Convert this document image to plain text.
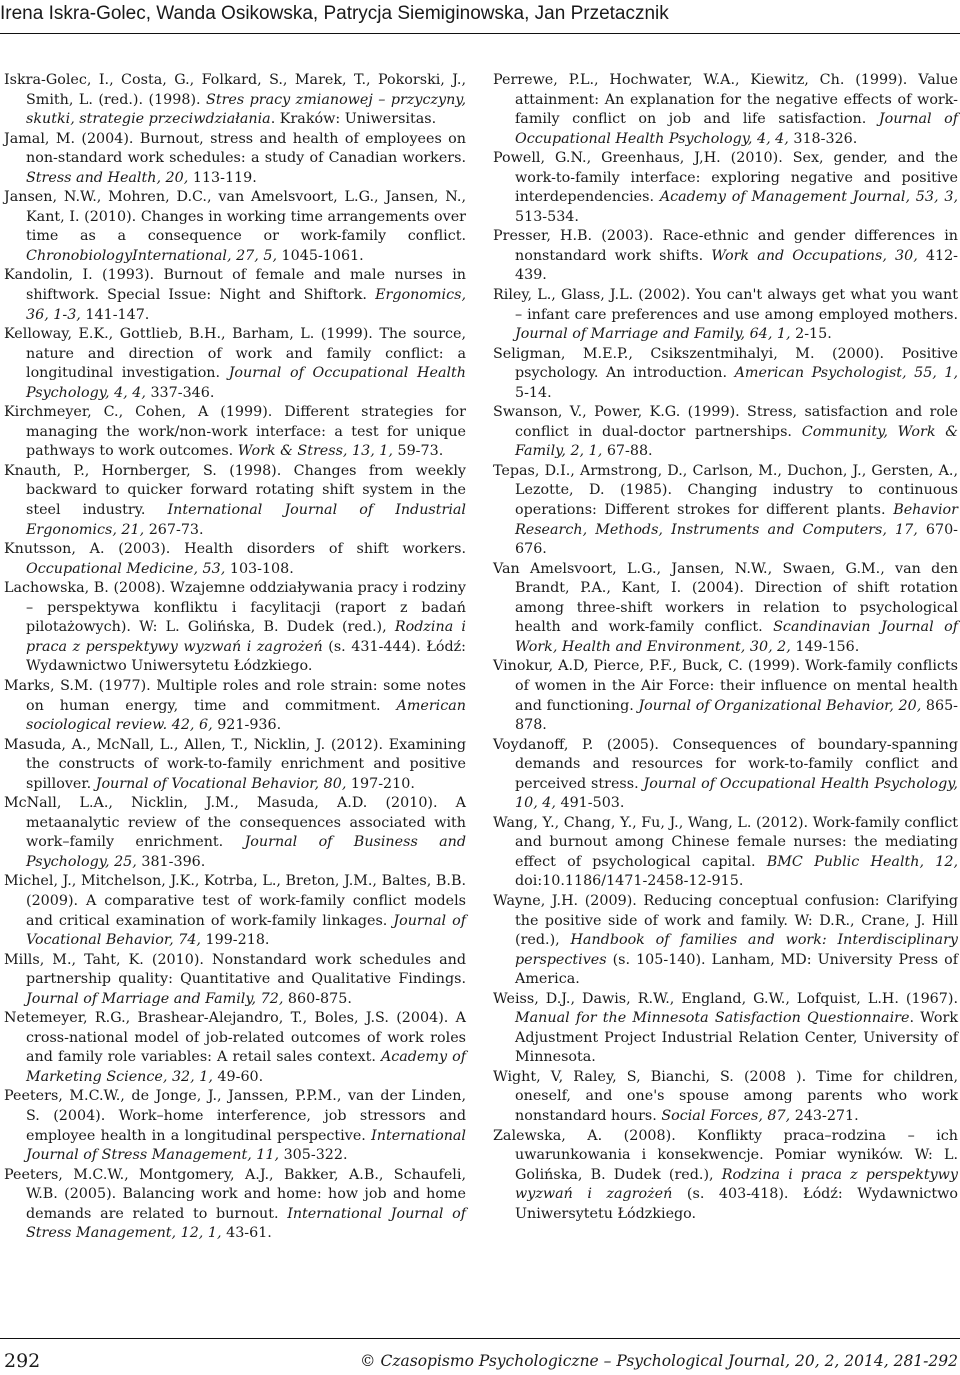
Irena Iskra-Golec, Wanda Osikowska, Patrycja Siemiginowska, Jan Przetacznik

Iskra-Golec, I., Costa, G., Folkard, S., Marek, T., Pokorski, J., Smith, L. (red.). (1998). Stres pracy zmianowej – przyczyny, skutki, strategie przeciwdziałania. Kraków: Uniwersitas.

Jamal, M. (2004). Burnout, stress and health of employees on non-standard work schedules: a study of Canadian workers. Stress and Health, 20, 113-119.

Jansen, N.W., Mohren, D.C., van Amelsvoort, L.G., Jansen, N., Kant, I. (2010). Changes in working time arrangements over time as a consequence or work-family conflict. ChronobiologyInternational, 27, 5, 1045-1061.

Kandolin, I. (1993). Burnout of female and male nurses in shiftwork. Special Issue: Night and Shiftork. Ergonomics, 36, 1-3, 141-147.

Kelloway, E.K., Gottlieb, B.H., Barham, L. (1999). The source, nature and direction of work and family conflict: a longitudinal investigation. Journal of Occupational Health Psychology, 4, 4, 337-346.

Kirchmeyer, C., Cohen, A (1999). Different strategies for managing the work/non-work interface: a test for unique pathways to work outcomes. Work & Stress, 13, 1, 59-73.

Knauth, P., Hornberger, S. (1998). Changes from weekly backward to quicker forward rotating shift system in the steel industry. International Journal of Industrial Ergonomics, 21, 267-73.

Knutsson, A. (2003). Health disorders of shift workers. Occupational Medicine, 53, 103-108.

Lachowska, B. (2008). Wzajemne oddziaływania pracy i rodziny – perspektywa konfliktu i facylitacji (raport z badań pilotażowych). W: L. Golińska, B. Dudek (red.), Rodzina i praca z perspektywy wyzwań i zagrożeń (s. 431-444). Łódź: Wydawnictwo Uniwersytetu Łódzkiego.

Marks, S.M. (1977). Multiple roles and role strain: some notes on human energy, time and commitment. American sociological review. 42, 6, 921-936.

Masuda, A., McNall, L., Allen, T., Nicklin, J. (2012). Examining the constructs of work-to-family enrichment and positive spillover. Journal of Vocational Behavior, 80, 197-210.

McNall, L.A., Nicklin, J.M., Masuda, A.D. (2010). A metaanalytic review of the consequences associated with work–family enrichment. Journal of Business and Psychology, 25, 381-396.

Michel, J., Mitchelson, J.K., Kotrba, L., Breton, J.M., Baltes, B.B. (2009). A comparative test of work-family conflict models and critical examination of work-family linkages. Journal of Vocational Behavior, 74, 199-218.

Mills, M., Taht, K. (2010). Nonstandard work schedules and partnership quality: Quantitative and Qualitative Findings. Journal of Marriage and Family, 72, 860-875.

Netemeyer, R.G., Brashear-Alejandro, T., Boles, J.S. (2004). A cross-national model of job-related outcomes of work roles and family role variables: A retail sales context. Academy of Marketing Science, 32, 1, 49-60.

Peeters, M.C.W., de Jonge, J., Janssen, P.P.M., van der Linden, S. (2004). Work–home interference, job stressors and employee health in a longitudinal perspective. International Journal of Stress Management, 11, 305-322.

Peeters, M.C.W., Montgomery, A.J., Bakker, A.B., Schaufeli, W.B. (2005). Balancing work and home: how job and home demands are related to burnout. International Journal of Stress Management, 12, 1, 43-61.

Perrewe, P.L., Hochwater, W.A., Kiewitz, Ch. (1999). Value attainment: An explanation for the negative effects of work-family conflict on job and life satisfaction. Journal of Occupational Health Psychology, 4, 4, 318-326.

Powell, G.N., Greenhaus, J,H. (2010). Sex, gender, and the work-to-family interface: exploring negative and positive interdependencies. Academy of Management Journal, 53, 3, 513-534.

Presser, H.B. (2003). Race-ethnic and gender differences in nonstandard work shifts. Work and Occupations, 30, 412-439.

Riley, L., Glass, J.L. (2002). You can't always get what you want – infant care preferences and use among employed mothers. Journal of Marriage and Family, 64, 1, 2-15.

Seligman, M.E.P., Csikszentmihalyi, M. (2000). Positive psychology. An introduction. American Psychologist, 55, 1, 5-14.

Swanson, V., Power, K.G. (1999). Stress, satisfaction and role conflict in dual-doctor partnerships. Community, Work & Family, 2, 1, 67-88.

Tepas, D.I., Armstrong, D., Carlson, M., Duchon, J., Gersten, A., Lezotte, D. (1985). Changing industry to continuous operations: Different strokes for different plants. Behavior Research, Methods, Instruments and Computers, 17, 670-676.

Van Amelsvoort, L.G., Jansen, N.W., Swaen, G.M., van den Brandt, P.A., Kant, I. (2004). Direction of shift rotation among three-shift workers in relation to psychological health and work-family conflict. Scandinavian Journal of Work, Health and Environment, 30, 2, 149-156.

Vinokur, A.D, Pierce, P.F., Buck, C. (1999). Work-family conflicts of women in the Air Force: their influence on mental health and functioning. Journal of Organizational Behavior, 20, 865-878.

Voydanoff, P. (2005). Consequences of boundary-spanning demands and resources for work-to-family conflict and perceived stress. Journal of Occupational Health Psychology, 10, 4, 491-503.

Wang, Y., Chang, Y., Fu, J., Wang, L. (2012). Work-family conflict and burnout among Chinese female nurses: the mediating effect of psychological capital. BMC Public Health, 12, doi:10.1186/1471-2458-12-915.

Wayne, J.H. (2009). Reducing conceptual confusion: Clarifying the positive side of work and family. W: D.R., Crane, J. Hill (red.), Handbook of families and work: Interdisciplinary perspectives (s. 105-140). Lanham, MD: University Press of America.

Weiss, D.J., Dawis, R.W., England, G.W., Lofquist, L.H. (1967). Manual for the Minnesota Satisfaction Questionnaire. Work Adjustment Project Industrial Relation Center, University of Minnesota.

Wight, V, Raley, S, Bianchi, S. (2008 ). Time for children, oneself, and one's spouse among parents who work nonstandard hours. Social Forces, 87, 243-271.

Zalewska, A. (2008). Konflikty praca–rodzina – ich uwarunkowania i konsekwencje. Pomiar wyników. W: L. Golińska, B. Dudek (red.), Rodzina i praca z perspektywy wyzwań i zagrożeń (s. 403-418). Łódź: Wydawnictwo Uniwersytetu Łódzkiego.

292	© Czasopismo Psychologiczne – Psychological Journal, 20, 2, 2014, 281-292
